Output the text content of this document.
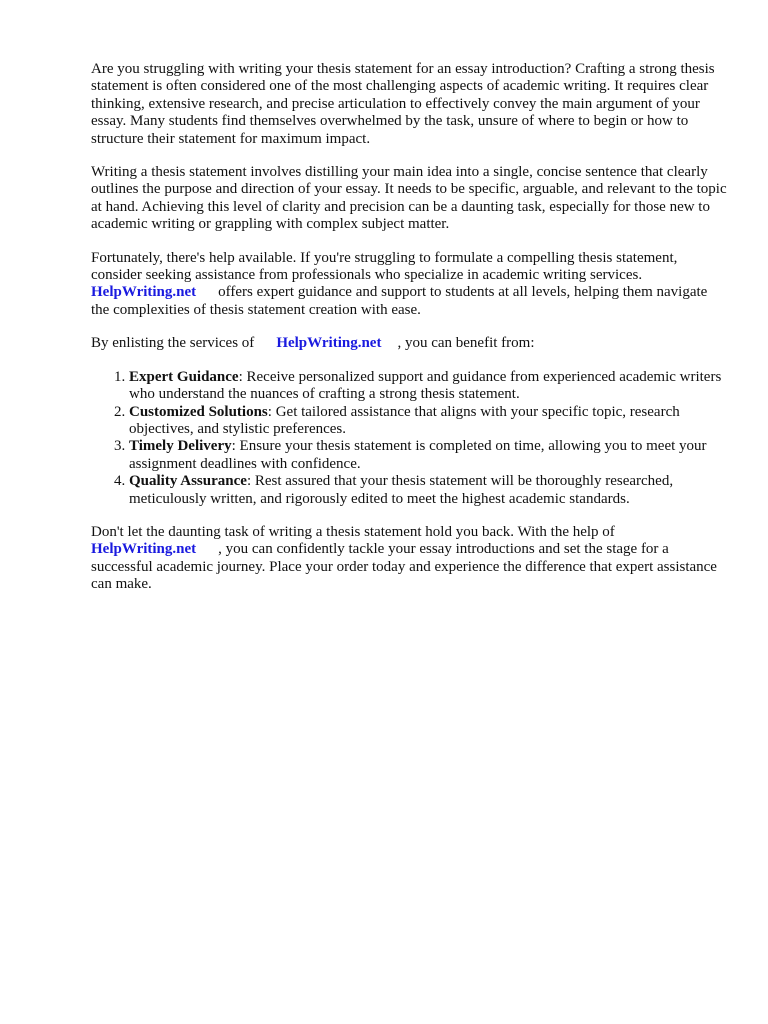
Are you struggling with writing your thesis statement for an essay introduction? Crafting a strong thesis statement is often considered one of the most challenging aspects of academic writing. It requires clear thinking, extensive research, and precise articulation to effectively convey the main argument of your essay. Many students find themselves overwhelmed by the task, unsure of where to begin or how to structure their statement for maximum impact.

Writing a thesis statement involves distilling your main idea into a single, concise sentence that clearly outlines the purpose and direction of your essay. It needs to be specific, arguable, and relevant to the topic at hand. Achieving this level of clarity and precision can be a daunting task, especially for those new to academic writing or grappling with complex subject matter.

Fortunately, there's help available. If you're struggling to formulate a compelling thesis statement, consider seeking assistance from professionals who specialize in academic writing services.
HelpWriting.net offers expert guidance and support to students at all levels, helping them navigate the complexities of thesis statement creation with ease.

By enlisting the services of HelpWriting.net , you can benefit from:

1. Expert Guidance: Receive personalized support and guidance from experienced academic writers who understand the nuances of crafting a strong thesis statement.
2. Customized Solutions: Get tailored assistance that aligns with your specific topic, research objectives, and stylistic preferences.
3. Timely Delivery: Ensure your thesis statement is completed on time, allowing you to meet your assignment deadlines with confidence.
4. Quality Assurance: Rest assured that your thesis statement will be thoroughly researched, meticulously written, and rigorously edited to meet the highest academic standards.

Don't let the daunting task of writing a thesis statement hold you back. With the help of
HelpWriting.net , you can confidently tackle your essay introductions and set the stage for a successful academic journey. Place your order today and experience the difference that expert assistance can make.
